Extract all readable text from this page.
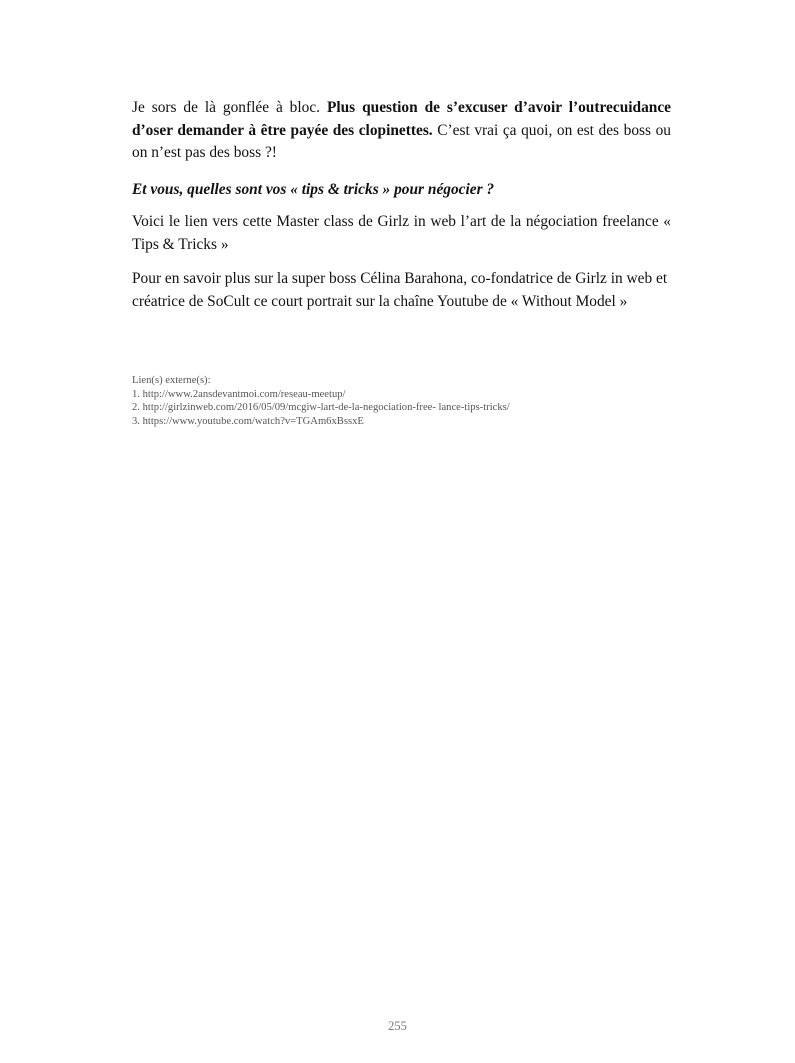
Je sors de là gonflée à bloc. Plus question de s’excuser d’avoir l’outrecuidance d’oser demander à être payée des clopinettes. C’est vrai ça quoi, on est des boss ou on n’est pas des boss ?!

Et vous, quelles sont vos « tips & tricks » pour négocier ?

Voici le lien vers cette Master class de Girlz in web l’art de la négociation freelance « Tips & Tricks »

Pour en savoir plus sur la super boss Célina Barahona, co-fondatrice de Girlz in web et créatrice de SoCult ce court portrait sur la chaîne Youtube de « Without Model »

Lien(s) externe(s):
1. http://www.2ansdevantmoi.com/reseau-meetup/
2. http://girlzinweb.com/2016/05/09/mcgiw-lart-de-la-negociation-free- lance-tips-tricks/
3. https://www.youtube.com/watch?v=TGAm6xBssxE
255
